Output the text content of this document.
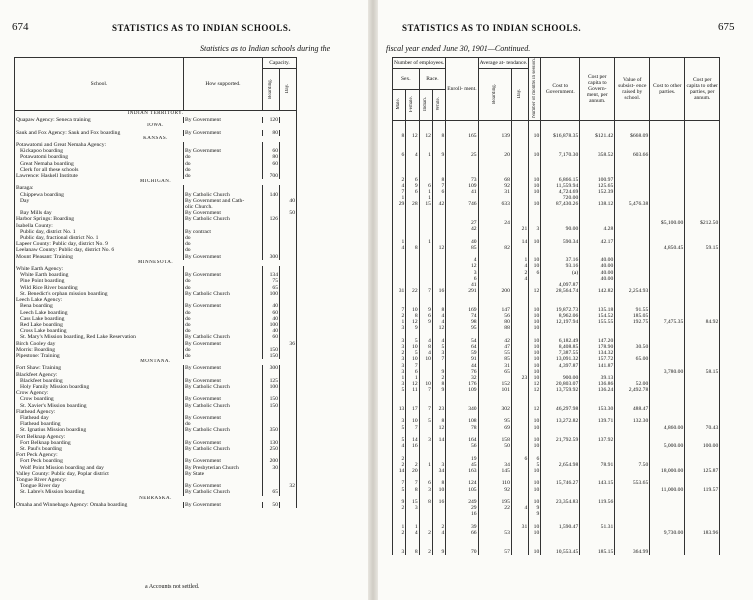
674	STATISTICS AS TO INDIAN SCHOOLS.
Statistics as to Indian schools during the
School.	How supported.	Capacity.	
		Boarding.	Day.
INDIAN TERRITORY.			
Quapaw Agency: Seneca training	By Government	120	
IOWA.			
Sauk and Fox Agency: Sauk and Fox boarding	By Government	80	
KANSAS.			
Potawatomi and Great Nemaha Agency:			
Kickapoo boarding	By Government	60	
Potawatomi boarding	do	80	
Great Nemaha boarding	do	60	
Clerk for all these schools	do		
Lawrence: Haskell Institute	do	700	
MICHIGAN.			
Baraga:			
Chippewa boarding	By Catholic Church	140	
Day	By Government and Cath-		40
	olic Church.		
Bay Mills day	By Government		50
Harbor Springs: Boarding	By Catholic Church	126	
Isabella County:			
Public day, district No. 1	By contract		
Public day, fractional district No. 1	do		
Lapeer County: Public day, district No. 9	do		
Leelanaw County: Public day, district No. 6	do		
Mount Pleasant: Training	By Government	300	
MINNESOTA.			
White Earth Agency:			
White Earth boarding	By Government	134	
Pine Point boarding	do	75	
Wild Rice River boarding	do	65	
St. Benedict's orphan mission boarding	By Catholic Church	100	
Leech Lake Agency:			
Bena boarding	By Government	40	
Leech Lake boarding	do	60	
Cass Lake boarding	do	40	
Red Lake boarding	do	100	
Cross Lake boarding	do	40	
St. Mary's Mission boarding, Red Lake Reservation	By Catholic Church	60	
Birch Cooley day	By Government		36
Morris: Boarding	do	150	
Pipestone: Training	do	150	
MONTANA.			
Fort Shaw: Training	By Government	300	
Blackfeet Agency:			
Blackfeet boarding	By Government	125	
Holy Family Mission boarding	By Catholic Church	100	
Crow Agency:			
Crow boarding	By Government	150	
St. Xavier's Mission boarding	By Catholic Church	150	
Flathead Agency:			
Flathead day	By Government		
Flathead boarding	do		
St. Ignatius Mission boarding	By Catholic Church	350	
Fort Belknap Agency:			
Fort Belknap boarding	By Government	130	
St. Paul's boarding	By Catholic Church	250	
Fort Peck Agency:			
Fort Peck boarding	By Government	200	
Wolf Point Mission boarding and day	By Presbyterian Church	30	
Valley County: Public day, Poplar district	By State		
Tongue River Agency:			
Tongue River day	By Government		32
St. Labre's Mission boarding	By Catholic Church	65	
NEBRASKA.			
Omaha and Winnebago Agency: Omaha boarding	By Government	50	
a Accounts not settled.
STATISTICS AS TO INDIAN SCHOOLS.	675
fiscal year ended June 30, 1901—Continued.
Number of employees.				Enroll- ment.	Average at- tendance.		Number of months in session.	Cost to Government.	Cost per capita to Govern- ment, per annum.	Value of subsist- ence raised by school.	Cost to other parties.	Cost per capita to other parties, per annum.
Sex.		Race.			Boarding.	Day.						
Male.	Female.	Indian.	White.									

8	12	12	8	165	139		10	$16,878.35	$121.42	$668.09		

6	4	1	9	25	20		10	7,170.30	358.52	603.66		

2	6		8	73	68		10	6,866.15	100.97			
4	9	6	7	109	92		10	11,559.94	125.65			
7	6	1	6	41	31		10	4,724.69	152.39			
1		1						720.00				
29	28	15	42	746	633		10	87,430.26	138.12	5,476.38		

				27	24						$5,100.00	$212.50
				42		21	3	90.00	4.28			

1		1		40		14	10	590.34	42.17			
4	8		12	85	82						4,850.45	59.15

				4		1	10	37.16	40.00			
				12		4	10	93.16	40.00			
				3		2	6	(a)	40.00			
				6		4			40.00			
				41				4,097.87				
31	22	7	16	291	200		12	28,564.74	142.82	2,254.93		

7	10	9	8	169	147		10	19,872.73	135.18	91.55		
2	8	6	4	74	56		10	8,962.06	154.52	185.05		
1	12	9	4	98	80		10	12,197.94	155.55	192.75	7,475.35	84.92
3	9		12	95	88		10					

3	5	4	4	54	42		10	6,182.49	147.20			
3	10	8	5	64	47		10	8,408.85	178.90	30.50		
2	5	4	3	59	55		10	7,387.55	134.32			
3	10	10	7	91	85		10	13,091.32	157.72	65.00		
3	7			44	31		10	4,397.87	141.87			
3	6		9	76	65		10				3,780.00	58.15
1	1		2	32		23	10	900.00	39.13			
3	12	10	8	176	152		12	20,803.07	136.86	52.00		
5	11	7	9	109	101		12	13,759.92	136.24	2,492.78		

13	17	7	23	340	302		12	46,297.98	153.30	488.47		

3	10	5	8	108	95		10	13,272.82	139.71	132.30		
5	7		12	78	69		10				4,860.00	70.43

5	14	3	14	164	158		10	21,792.59	137.92			
4	16			56	50		10				5,000.00	100.00

2				19		6	6					
2	2	1	3	45	34		5	2,654.98	78.91	7.50		
14	20		34	163	145		10				18,000.00	125.87

7	7	6	8	124	110		10	15,746.27	143.15	553.65		
5	8	3	10	105	92		10				11,000.00	119.57

9	15	8	16	249	195		10	23,354.83	119.56			
2	3			29	22	4	9					
				16			9					

1	1		2	39		31	10	1,590.47	51.31			
2	4	2	4	66	53		10				9,730.00	183.96

3	8	2	9	70	57		10	10,553.45	185.15	364.99		
